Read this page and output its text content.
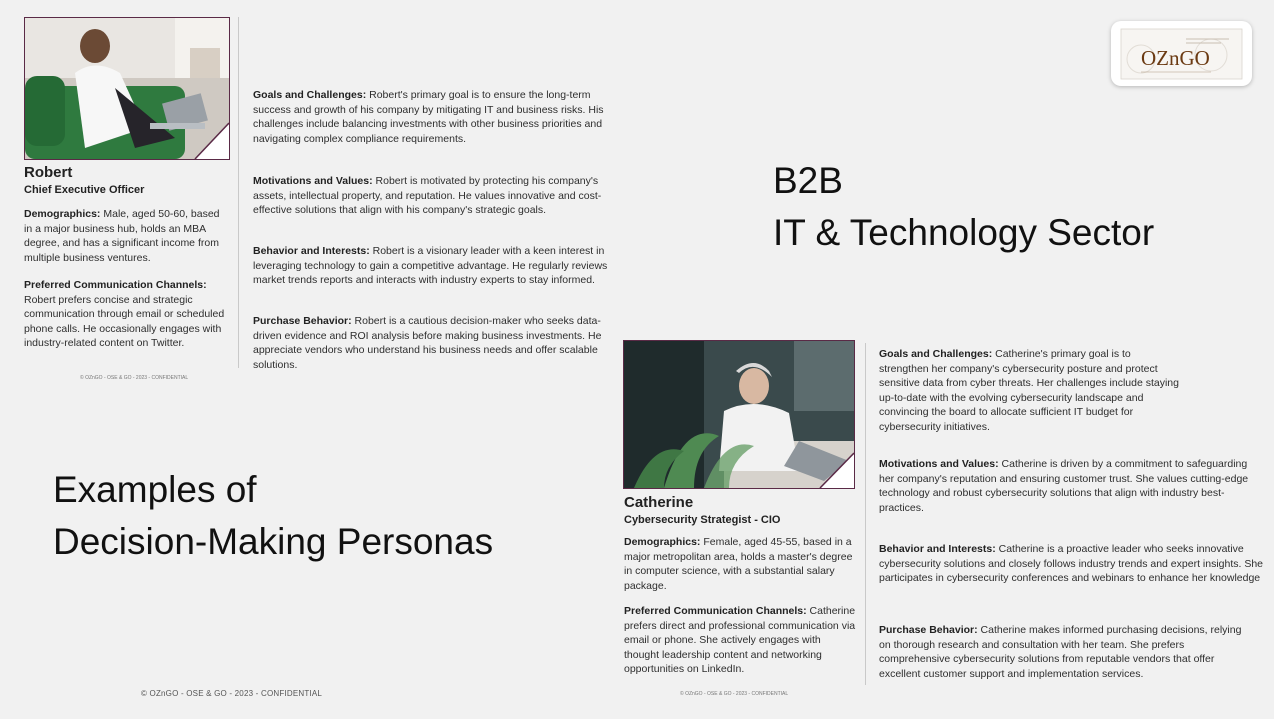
Robert
Chief Executive Officer
Demographics: Male, aged 50-60, based in a major business hub, holds an MBA degree, and has a significant income from multiple business ventures.
Preferred Communication Channels:
Robert prefers concise and strategic communication through email or scheduled phone calls. He occasionally engages with industry-related content on Twitter.
© OZnGO - OSE & GO - 2023 - CONFIDENTIAL
Goals and Challenges: Robert's primary goal is to ensure the long-term success and growth of his company by mitigating IT and business risks. His challenges include balancing investments with other business priorities and navigating complex compliance requirements.
Motivations and Values: Robert is motivated by protecting his company's assets, intellectual property, and reputation. He values innovative and cost-effective solutions that align with his company's strategic goals.
Behavior and Interests: Robert is a visionary leader with a keen interest in leveraging technology to gain a competitive advantage. He regularly reviews market trends reports and interacts with industry experts to stay informed.
Purchase Behavior: Robert is a cautious decision-maker who seeks data-driven evidence and ROI analysis before making business investments. He appreciate vendors who understand his business needs and offer scalable solutions.
B2B
IT & Technology Sector
Examples of
Decision-Making Personas
© OZnGO - OSE & GO - 2023 - CONFIDENTIAL
Catherine
Cybersecurity Strategist - CIO
Demographics: Female, aged 45-55, based in a major metropolitan area, holds a master's degree in computer science, with a substantial salary package.
Preferred Communication Channels: Catherine prefers direct and professional communication via email or phone. She actively engages with thought leadership content and networking opportunities on LinkedIn.
© OZnGO - OSE & GO - 2023 - CONFIDENTIAL
Goals and Challenges: Catherine's primary goal is to strengthen her company's cybersecurity posture and protect sensitive data from cyber threats. Her challenges include staying up-to-date with the evolving cybersecurity landscape and convincing the board to allocate sufficient IT budget for cybersecurity initiatives.
Motivations and Values: Catherine is driven by a commitment to safeguarding her company's reputation and ensuring customer trust. She values cutting-edge technology and robust cybersecurity solutions that align with industry best-practices.
Behavior and Interests: Catherine is a proactive leader who seeks innovative cybersecurity solutions and closely follows industry trends and expert insights. She participates in cybersecurity conferences and webinars to enhance her knowledge
Purchase Behavior: Catherine makes informed purchasing decisions, relying on thorough research and consultation with her team. She prefers comprehensive cybersecurity solutions from reputable vendors that offer excellent customer support and implementation services.
OZnGO
